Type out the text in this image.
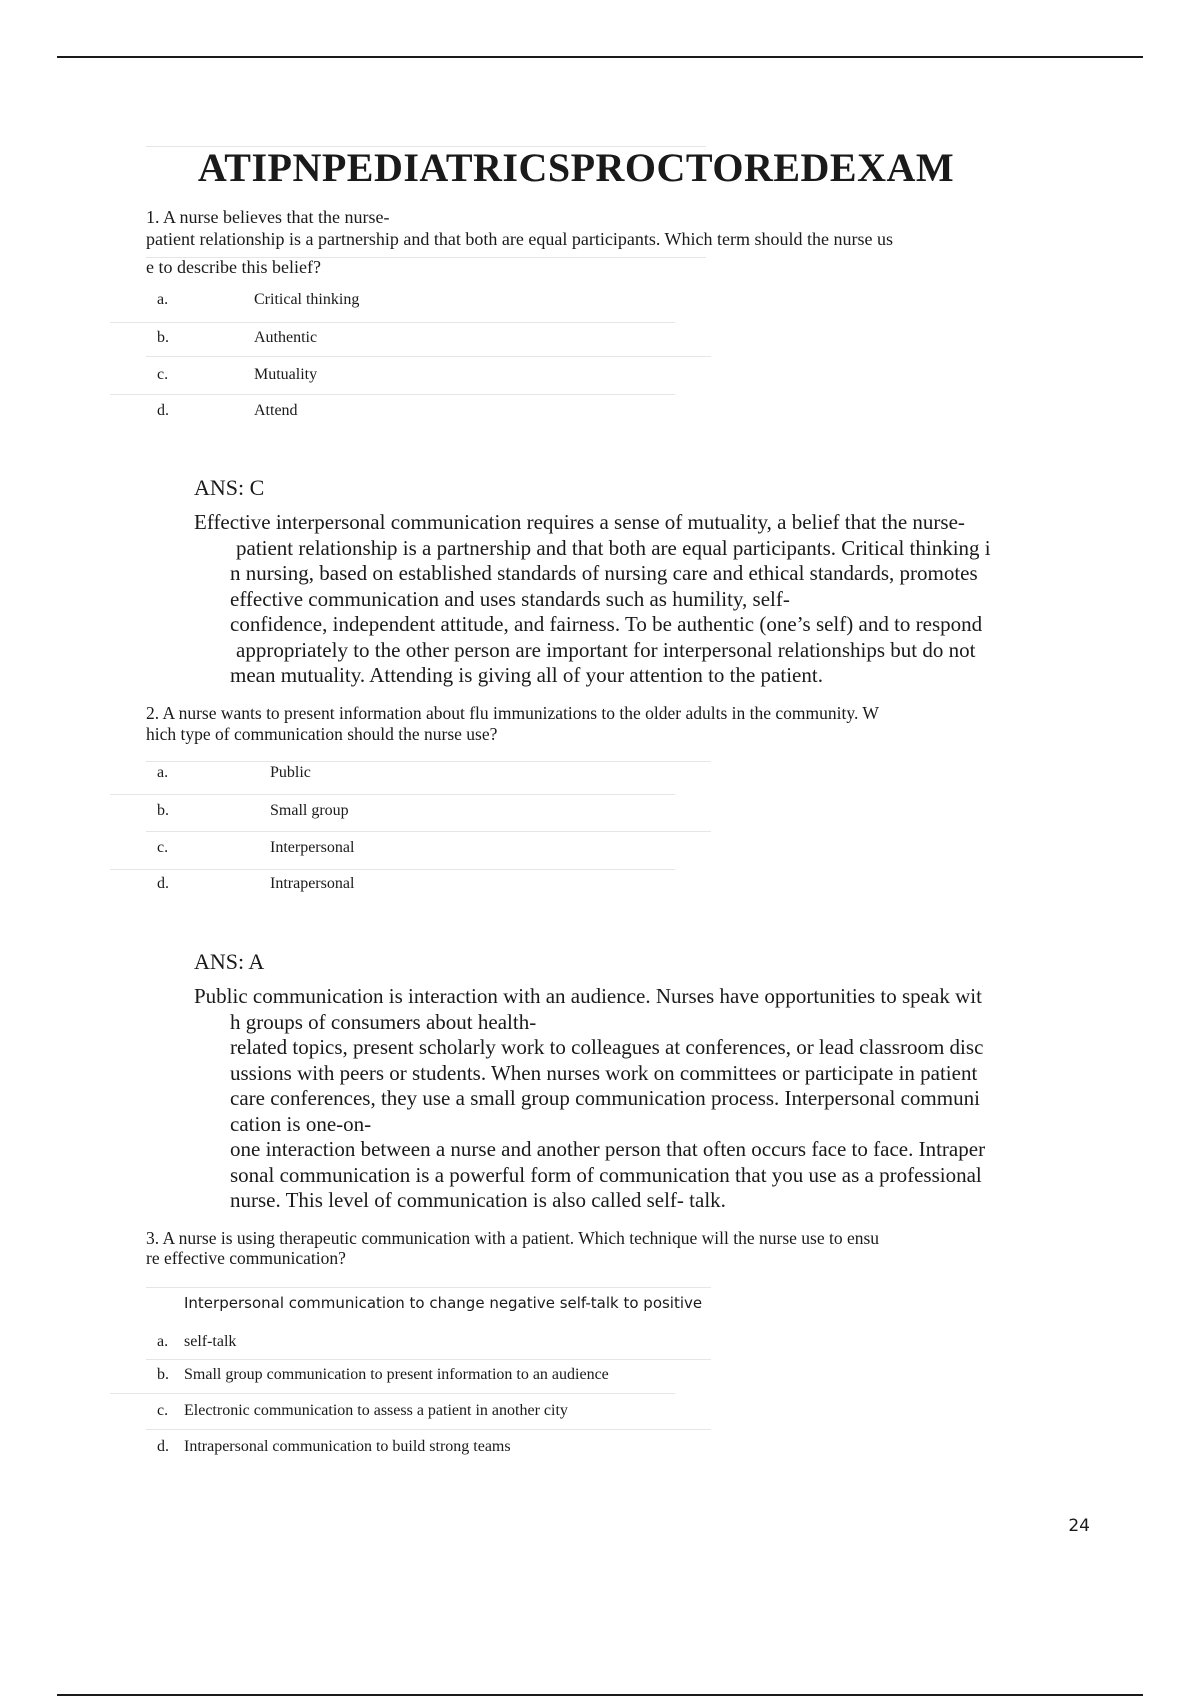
ATIPNPEDIATRICSPROCTOREDEXAM
1. A nurse believes that the nurse-
patient relationship is a partnership and that both are equal participants. Which term should the nurse us
e to describe this belief?
a.	Critical thinking
b.	Authentic
c.	Mutuality
d.	Attend
ANS: C
Effective interpersonal communication requires a sense of mutuality, a belief that the nurse-
patient relationship is a partnership and that both are equal participants. Critical thinking i
n nursing, based on established standards of nursing care and ethical standards, promotes
effective communication and uses standards such as humility, self-
confidence, independent attitude, and fairness. To be authentic (one’s self) and to respond
appropriately to the other person are important for interpersonal relationships but do not
mean mutuality. Attending is giving all of your attention to the patient.
2. A nurse wants to present information about flu immunizations to the older adults in the community. W
hich type of communication should the nurse use?
a.	Public
b.	Small group
c.	Interpersonal
d.	Intrapersonal
ANS: A
Public communication is interaction with an audience. Nurses have opportunities to speak wit
h groups of consumers about health-
related topics, present scholarly work to colleagues at conferences, or lead classroom disc
ussions with peers or students. When nurses work on committees or participate in patient
care conferences, they use a small group communication process. Interpersonal communi
cation is one-on-
one interaction between a nurse and another person that often occurs face to face. Intraper
sonal communication is a powerful form of communication that you use as a professional
nurse. This level of communication is also called self- talk.
3. A nurse is using therapeutic communication with a patient. Which technique will the nurse use to ensu
re effective communication?
Interpersonal communication to change negative self-talk to positive
a. self-talk
b. Small group communication to present information to an audience
c. Electronic communication to assess a patient in another city
d. Intrapersonal communication to build strong teams
24
